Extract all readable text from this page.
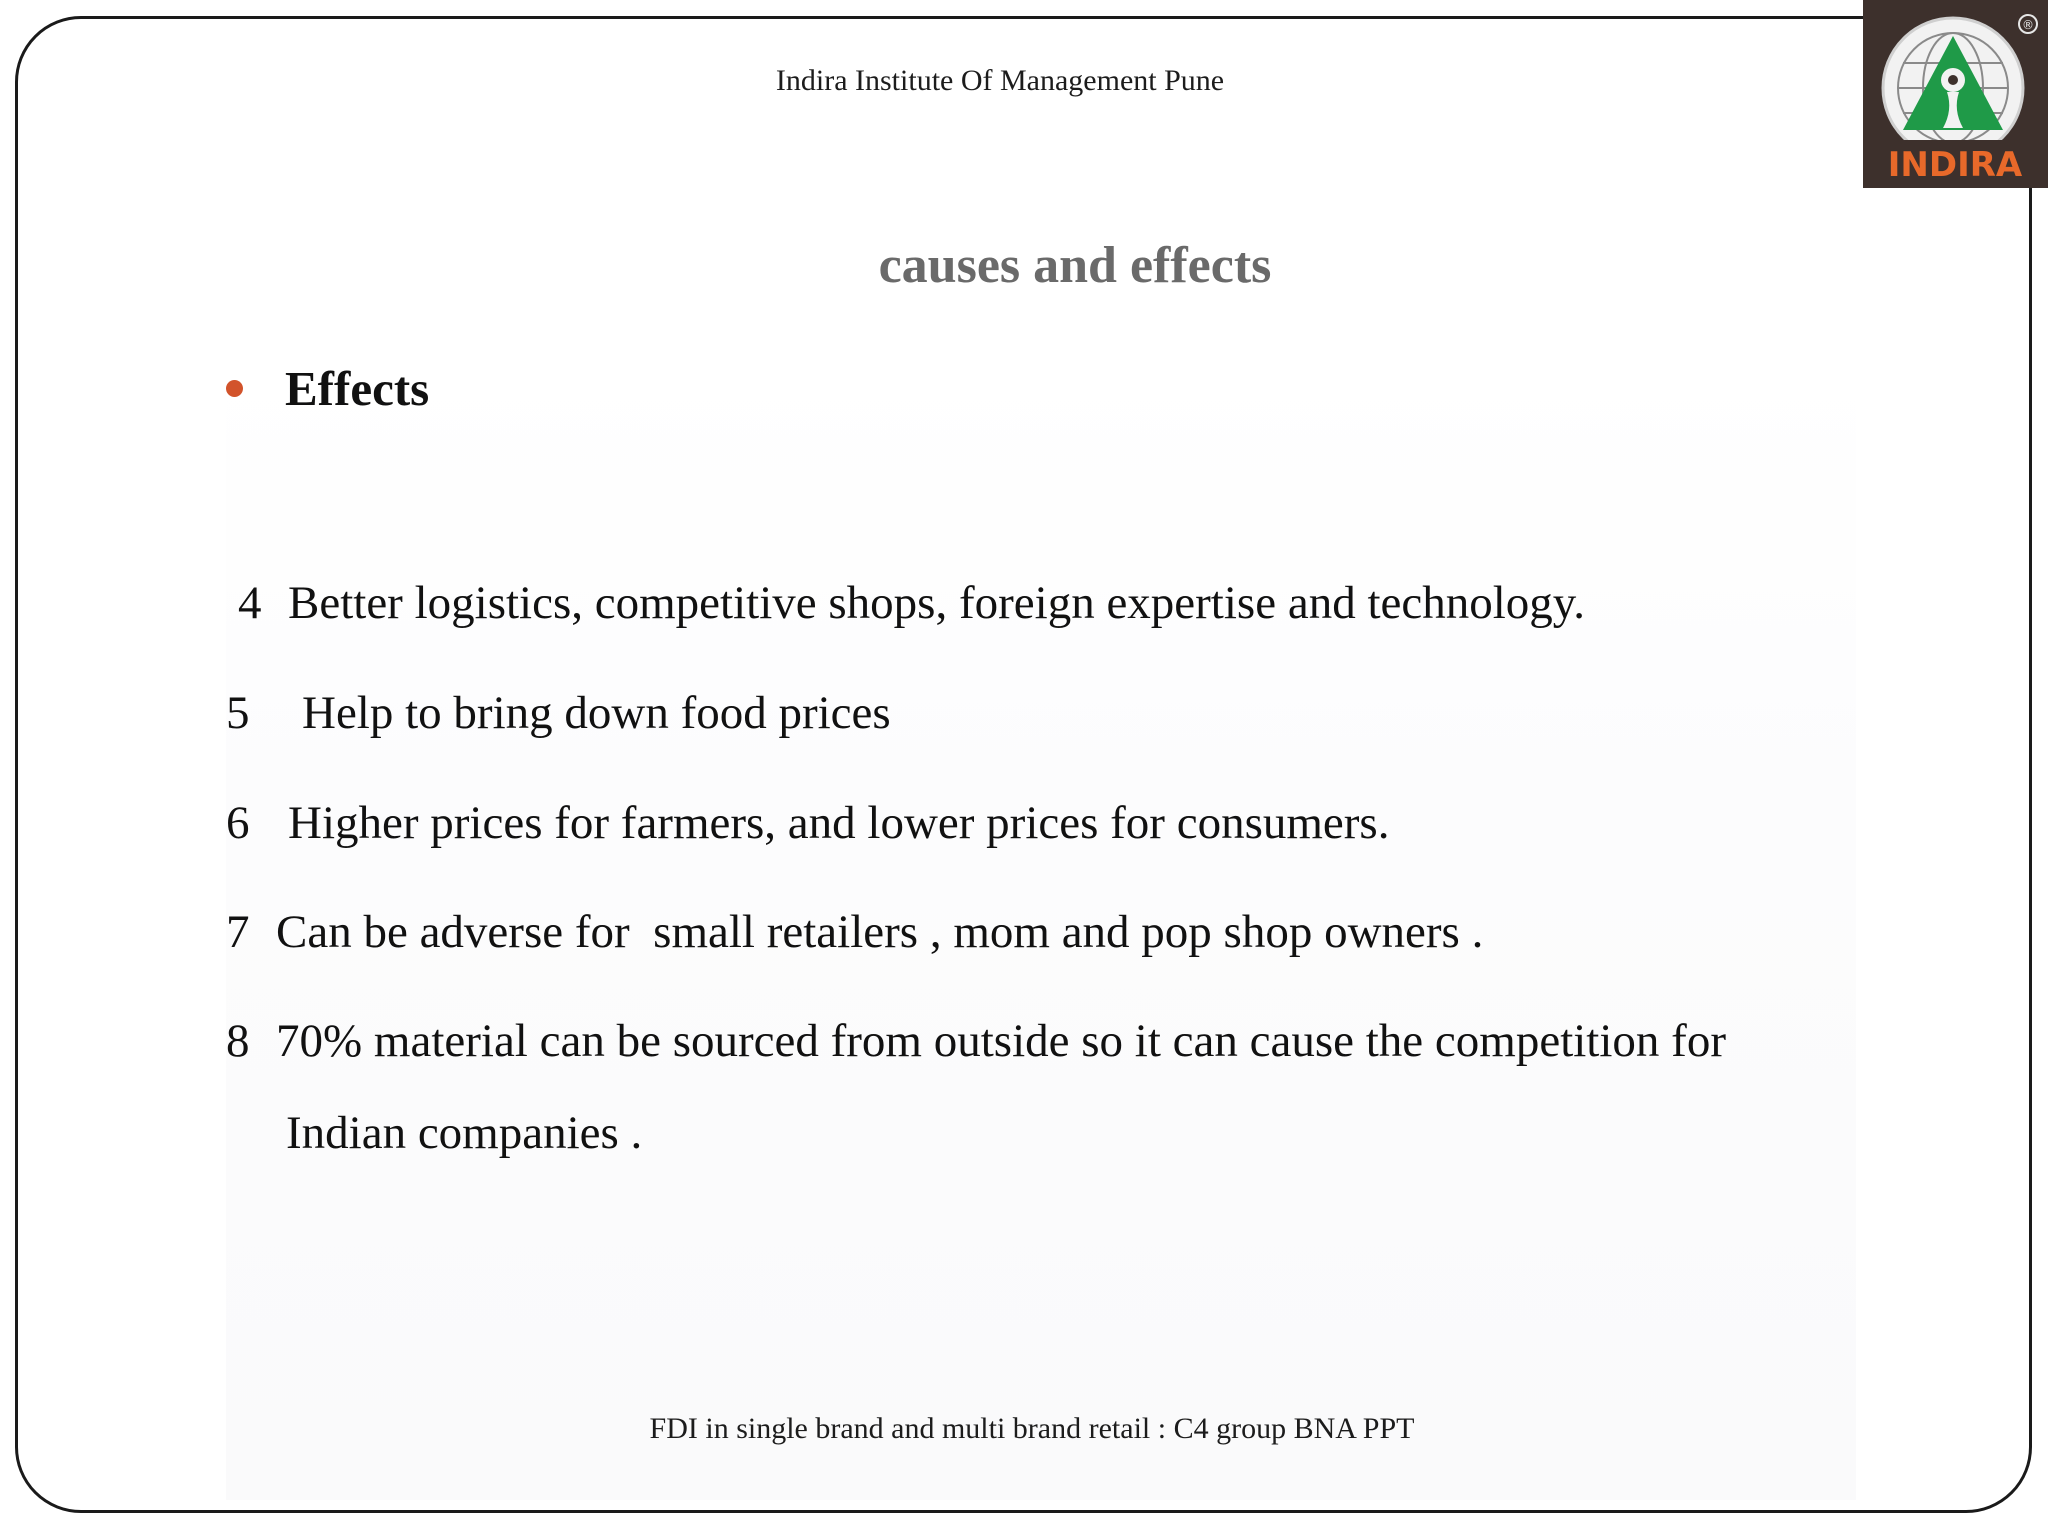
Indira Institute Of Management Pune
®
INDIRA
causes and effects
Effects
4 Better logistics, competitive shops, foreign expertise and technology.
5 Help to bring down food prices
6 Higher prices for farmers, and lower prices for consumers.
7 Can be adverse for  small retailers , mom and pop shop owners .
8 70% material can be sourced from outside so it can cause the competition for
Indian companies .
FDI in single brand and multi brand retail : C4 group BNA PPT
